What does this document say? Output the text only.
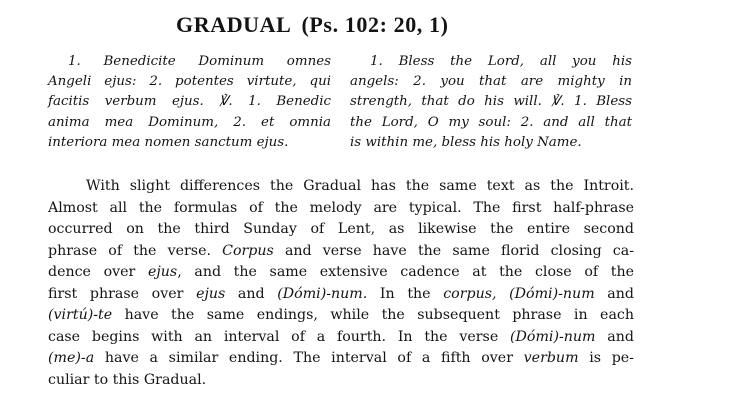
GRADUAL (Ps. 102: 20, 1)
1. Benedicite Dominum omnes
Angeli ejus: 2. potentes virtute, qui
facitis verbum ejus. ℣. 1. Benedic
anima mea Dominum, 2. et omnia
interiora mea nomen sanctum ejus.
1. Bless the Lord, all you his
angels: 2. you that are mighty in
strength, that do his will. ℣. 1. Bless
the Lord, O my soul: 2. and all that
is within me, bless his holy Name.
With slight differences the Gradual has the same text as the Introit.
Almost all the formulas of the melody are typical. The first half-phrase
occurred on the third Sunday of Lent, as likewise the entire second
phrase of the verse. Corpus and verse have the same florid closing ca-
dence over ejus, and the same extensive cadence at the close of the
first phrase over ejus and (Dómi)-num. In the corpus, (Dómi)-num and
(virtú)-te have the same endings, while the subsequent phrase in each
case begins with an interval of a fourth. In the verse (Dómi)-num and
(me)-a have a similar ending. The interval of a fifth over verbum is pe-
culiar to this Gradual.
